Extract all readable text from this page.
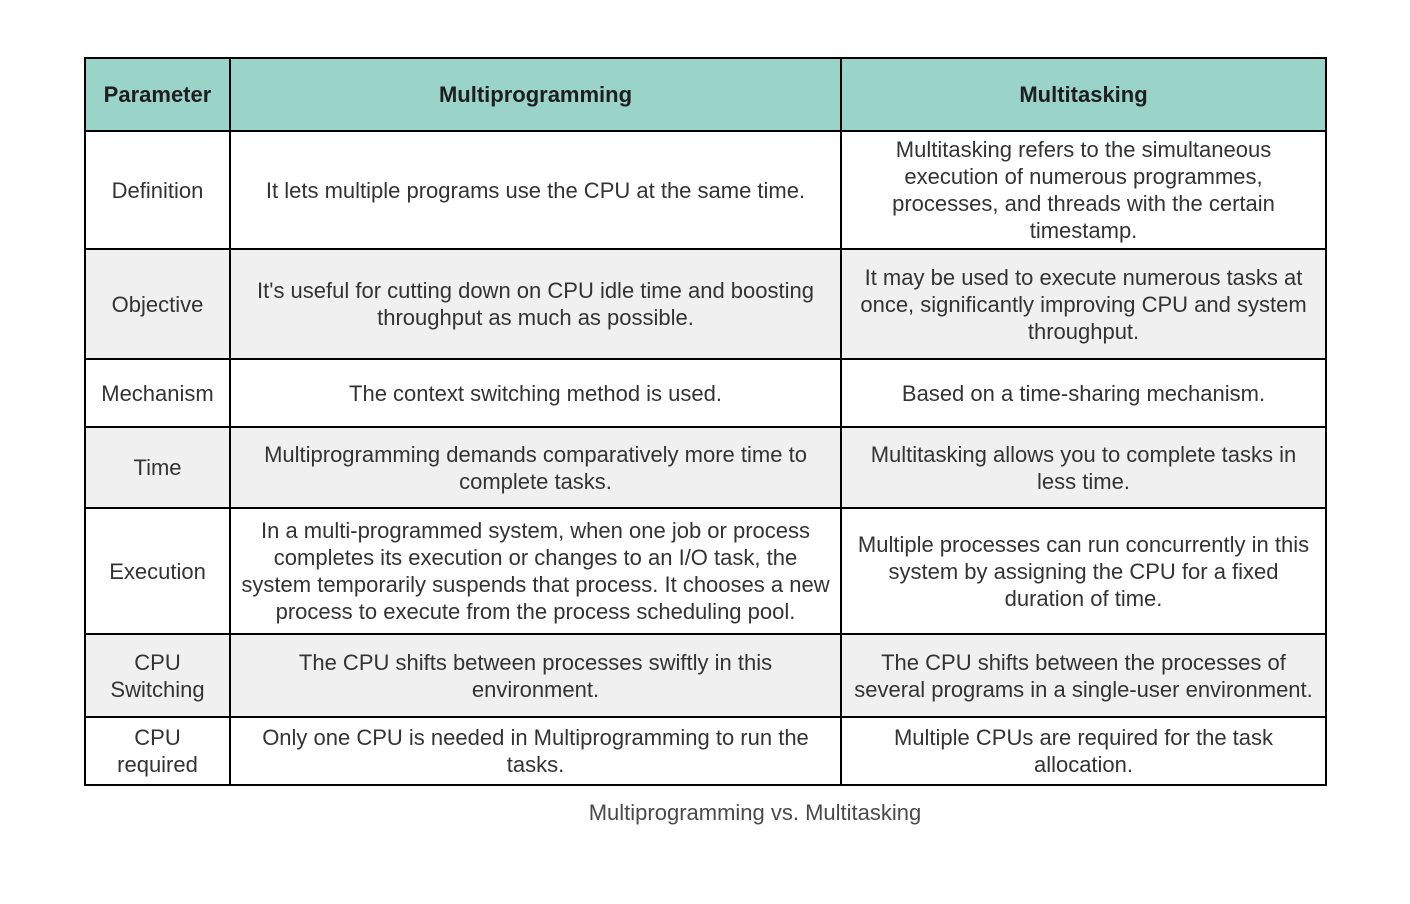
Parameter	Multiprogramming	Multitasking
Definition	It lets multiple programs use the CPU at the same time.	Multitasking refers to the simultaneous execution of numerous programmes, processes, and threads with the certain timestamp.
Objective	It's useful for cutting down on CPU idle time and boosting throughput as much as possible.	It may be used to execute numerous tasks at once, significantly improving CPU and system throughput.
Mechanism	The context switching method is used.	Based on a time-sharing mechanism.
Time	Multiprogramming demands comparatively more time to complete tasks.	Multitasking allows you to complete tasks in less time.
Execution	In a multi-programmed system, when one job or process completes its execution or changes to an I/O task, the system temporarily suspends that process. It chooses a new process to execute from the process scheduling pool.	Multiple processes can run concurrently in this system by assigning the CPU for a fixed duration of time.
CPU Switching	The CPU shifts between processes swiftly in this environment.	The CPU shifts between the processes of several programs in a single-user environment.
CPU required	Only one CPU is needed in Multiprogramming to run the tasks.	Multiple CPUs are required for the task allocation.
Multiprogramming vs. Multitasking
